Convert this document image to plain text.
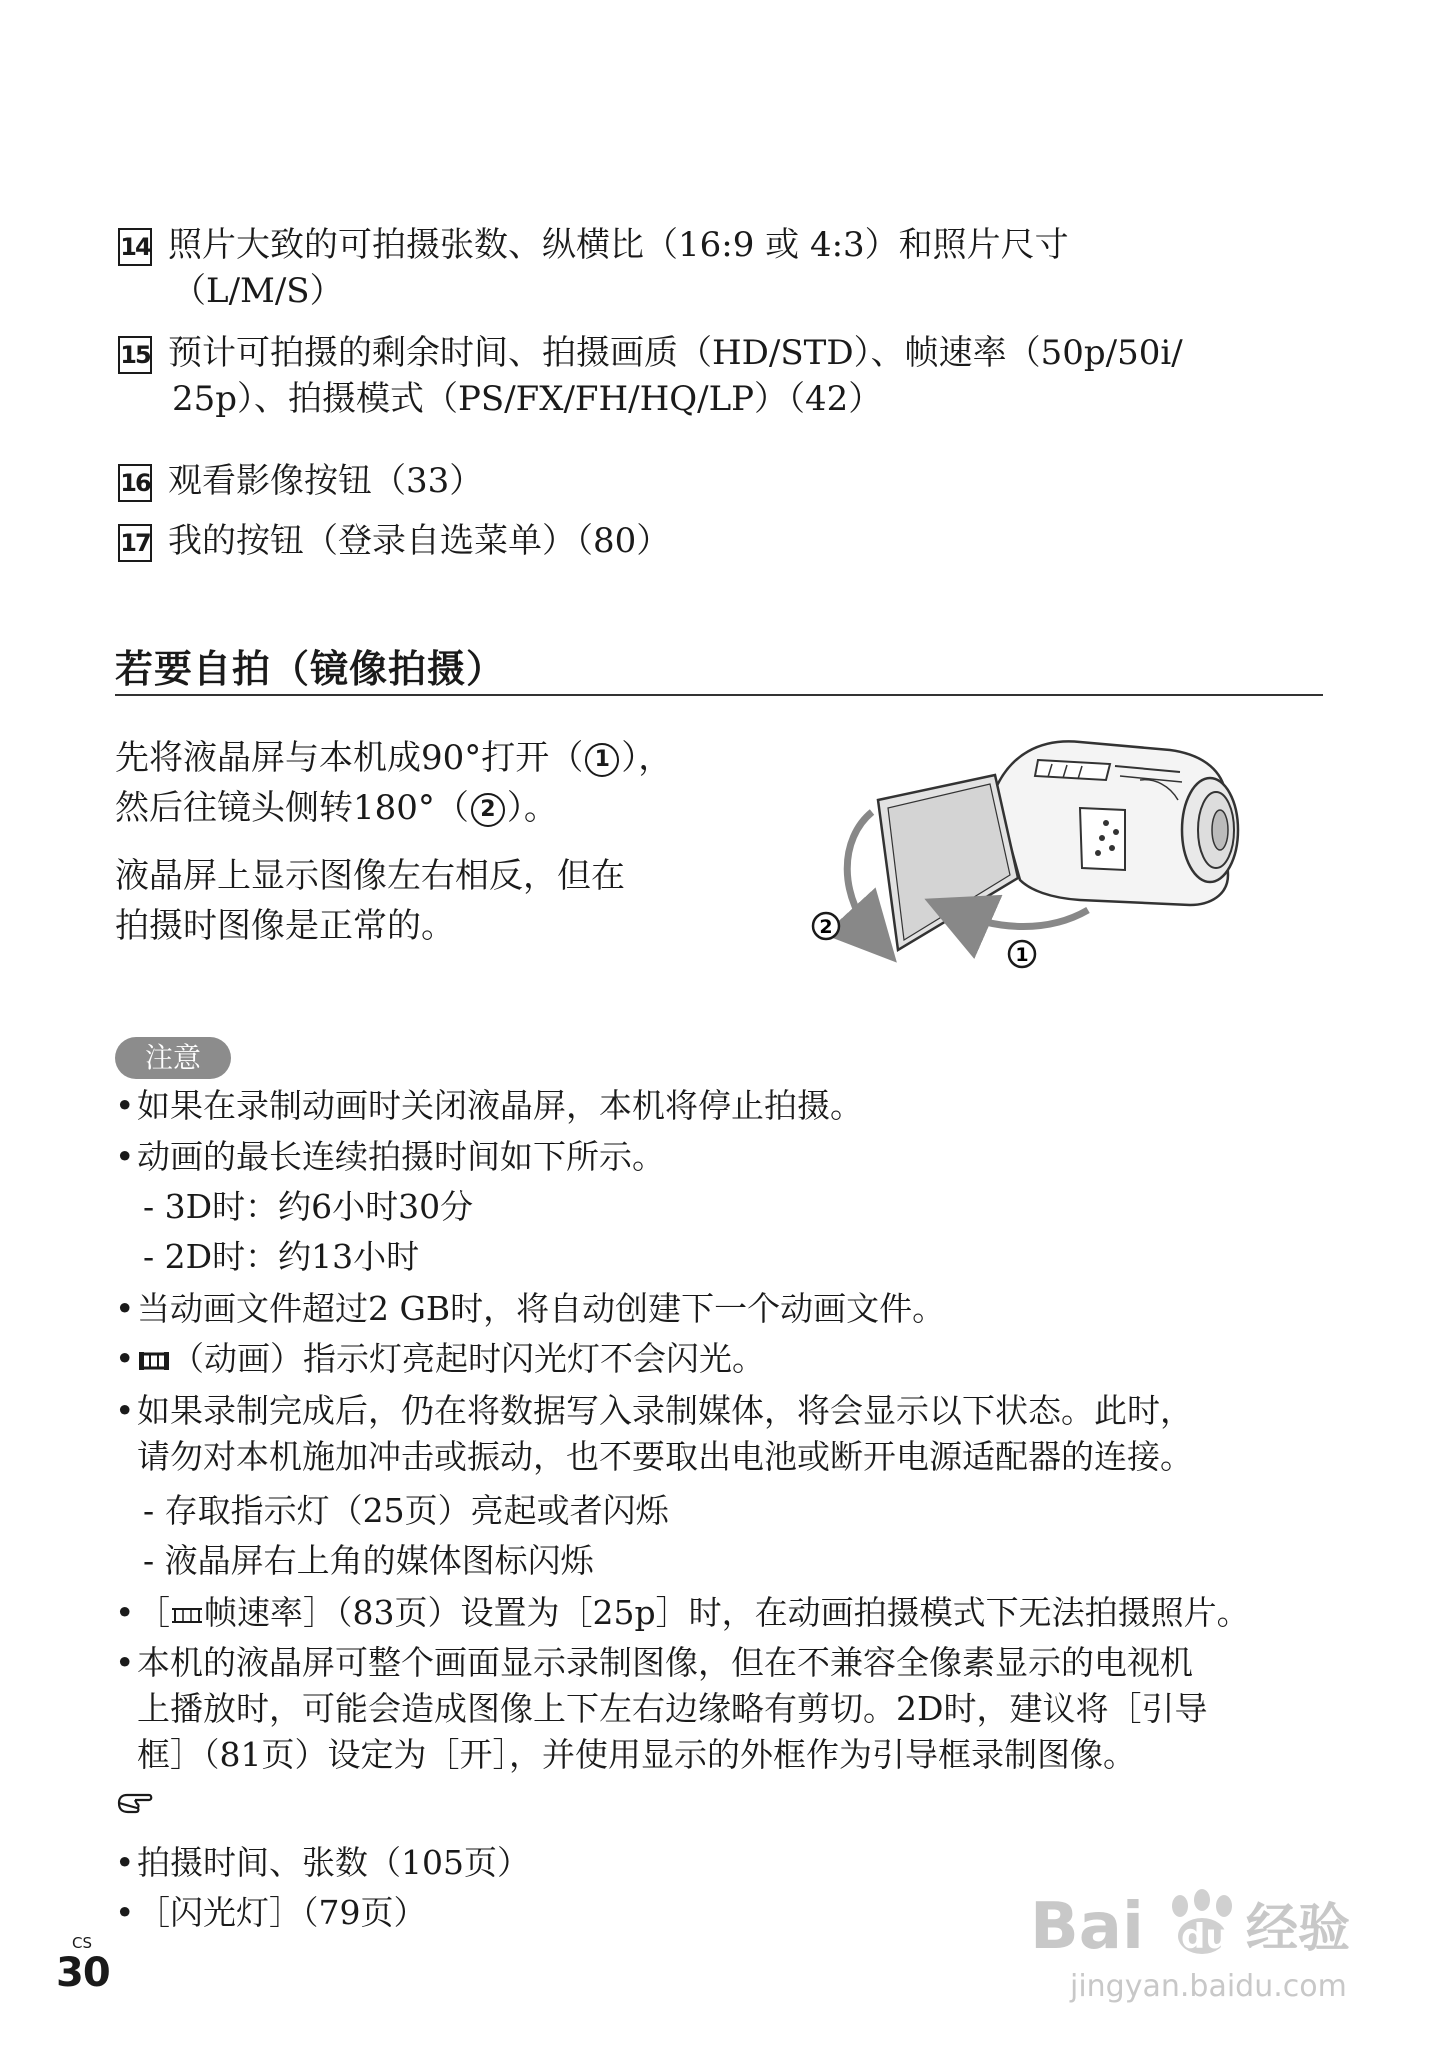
14 照片大致的可拍摄张数、纵横比（16:9 或 4:3）和照片尺寸
（L/M/S）
15 预计可拍摄的剩余时间、拍摄画质（HD/STD）、帧速率（50p/50i/
25p）、拍摄模式（PS/FX/FH/HQ/LP）（42）
16 观看影像按钮（33）
17 我的按钮（登录自选菜单）（80）
若要自拍（镜像拍摄）
先将液晶屏与本机成90°打开（ 1 ），
然后往镜头侧转180°（ 2 ）。
液晶屏上显示图像左右相反，但在
拍摄时图像是正常的。	2
1
注意
•如果在录制动画时关闭液晶屏，本机将停止拍摄。
•动画的最长连续拍摄时间如下所示。
- 3D时：约6小时30分
- 2D时：约13小时
•当动画文件超过2 GB时，将自动创建下一个动画文件。
• （动画）指示灯亮起时闪光灯不会闪光。
•如果录制完成后，仍在将数据写入录制媒体，将会显示以下状态。此时，
请勿对本机施加冲击或振动，也不要取出电池或断开电源适配器的连接。
- 存取指示灯（25页）亮起或者闪烁
- 液晶屏右上角的媒体图标闪烁
•［ 帧速率］（83页）设置为［25p］时，在动画拍摄模式下无法拍摄照片。
•本机的液晶屏可整个画面显示录制图像，但在不兼容全像素显示的电视机
上播放时，可能会造成图像上下左右边缘略有剪切。2D时，建议将［引导
框］（81页）设定为［开］，并使用显示的外框作为引导框录制图像。
•拍摄时间、张数（105页）
•［闪光灯］（79页）
CS
30
Bai du 经验
jingyan.baidu.com
